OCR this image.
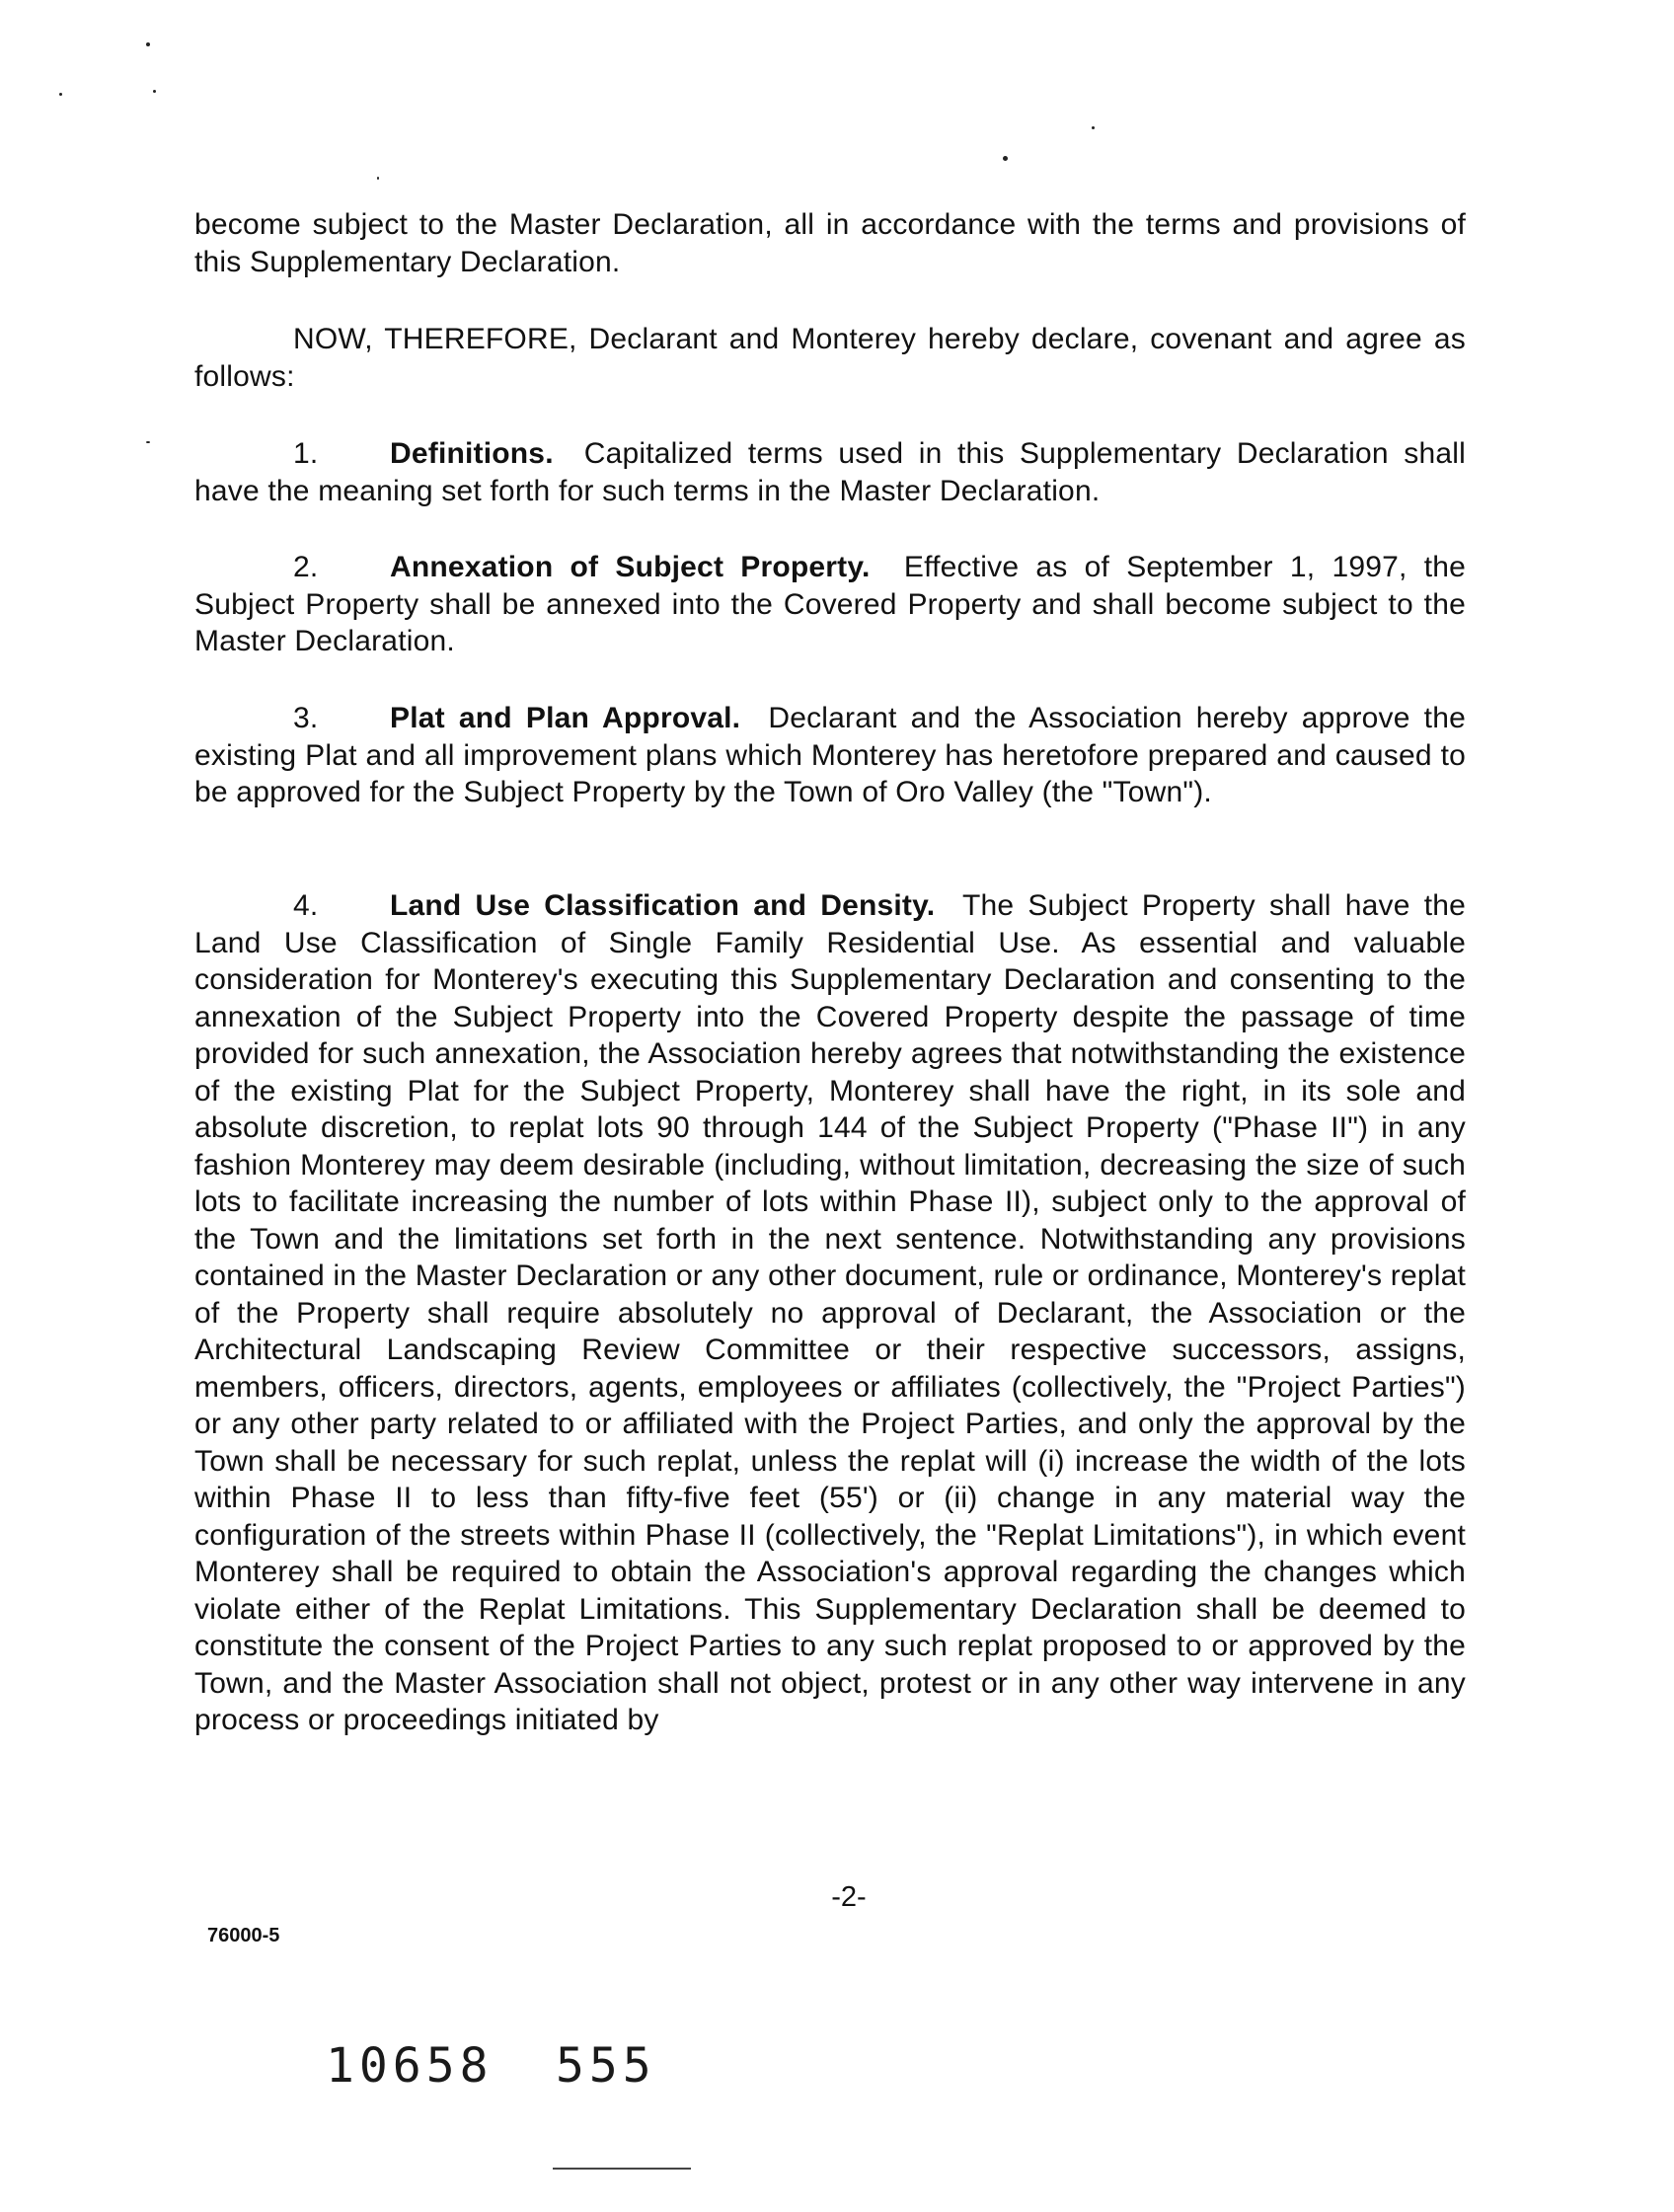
become subject to the Master Declaration, all in accordance with the terms and provisions of this Supplementary Declaration.
NOW, THEREFORE, Declarant and Monterey hereby declare, covenant and agree as follows:
1. Definitions. Capitalized terms used in this Supplementary Declaration shall have the meaning set forth for such terms in the Master Declaration.
2. Annexation of Subject Property. Effective as of September 1, 1997, the Subject Property shall be annexed into the Covered Property and shall become subject to the Master Declaration.
3. Plat and Plan Approval. Declarant and the Association hereby approve the existing Plat and all improvement plans which Monterey has heretofore prepared and caused to be approved for the Subject Property by the Town of Oro Valley (the "Town").
4. Land Use Classification and Density. The Subject Property shall have the Land Use Classification of Single Family Residential Use. As essential and valuable consideration for Monterey's executing this Supplementary Declaration and consenting to the annexation of the Subject Property into the Covered Property despite the passage of time provided for such annexation, the Association hereby agrees that notwithstanding the existence of the existing Plat for the Subject Property, Monterey shall have the right, in its sole and absolute discretion, to replat lots 90 through 144 of the Subject Property ("Phase II") in any fashion Monterey may deem desirable (including, without limitation, decreasing the size of such lots to facilitate increasing the number of lots within Phase II), subject only to the approval of the Town and the limitations set forth in the next sentence. Notwithstanding any provisions contained in the Master Declaration or any other document, rule or ordinance, Monterey's replat of the Property shall require absolutely no approval of Declarant, the Association or the Architectural Landscaping Review Committee or their respective successors, assigns, members, officers, directors, agents, employees or affiliates (collectively, the "Project Parties") or any other party related to or affiliated with the Project Parties, and only the approval by the Town shall be necessary for such replat, unless the replat will (i) increase the width of the lots within Phase II to less than fifty-five feet (55') or (ii) change in any material way the configuration of the streets within Phase II (collectively, the "Replat Limitations"), in which event Monterey shall be required to obtain the Association's approval regarding the changes which violate either of the Replat Limitations. This Supplementary Declaration shall be deemed to constitute the consent of the Project Parties to any such replat proposed to or approved by the Town, and the Master Association shall not object, protest or in any other way intervene in any process or proceedings initiated by
-2-
76000-5
10658 555
